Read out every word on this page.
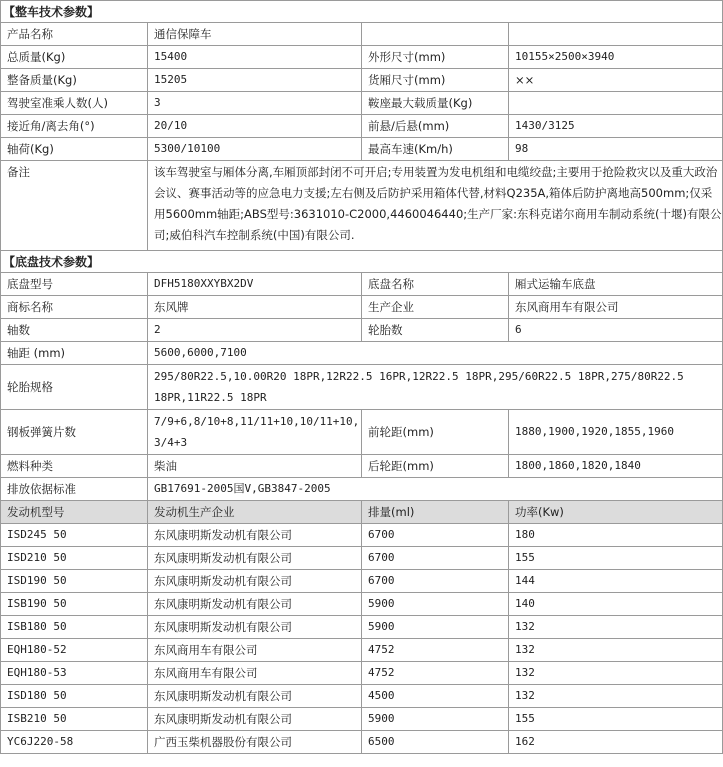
【整车技术参数】			
产品名称	通信保障车		
总质量(Kg)	15400	外形尺寸(mm)	10155×2500×3940
整备质量(Kg)	15205	货厢尺寸(mm)	××
驾驶室准乘人数(人)	3	鞍座最大载质量(Kg)	
接近角/离去角(°)	20/10	前悬/后悬(mm)	1430/3125
轴荷(Kg)	5300/10100	最高车速(Km/h)	98
备注	该车驾驶室与厢体分离,车厢顶部封闭不可开启;专用装置为发电机组和电缆绞盘;主要用于抢险救灾以及重大政治会议、赛事活动等的应急电力支援;左右侧及后防护采用箱体代替,材料Q235A,箱体后防护离地高500mm;仅采用5600mm轴距;ABS型号:3631010-C2000,4460046440;生产厂家:东科克诺尔商用车制动系统(十堰)有限公司;威伯科汽车控制系统(中国)有限公司.		
【底盘技术参数】			
底盘型号	DFH5180XXYBX2DV	底盘名称	厢式运输车底盘
商标名称	东风牌	生产企业	东风商用车有限公司
轴数	2	轮胎数	6
轴距 (mm)	5600,6000,7100		
轮胎规格	295/80R22.5,10.00R20 18PR,12R22.5 16PR,12R22.5 18PR,295/60R22.5 18PR,275/80R22.5 18PR,11R22.5 18PR		
钢板弹簧片数	7/9+6,8/10+8,11/11+10,10/11+10,3/4+3	前轮距(mm)	1880,1900,1920,1855,1960
燃料种类	柴油	后轮距(mm)	1800,1860,1820,1840
排放依据标准	GB17691-2005国V,GB3847-2005		
发动机型号	发动机生产企业	排量(ml)	功率(Kw)
ISD245 50	东风康明斯发动机有限公司	6700	180
ISD210 50	东风康明斯发动机有限公司	6700	155
ISD190 50	东风康明斯发动机有限公司	6700	144
ISB190 50	东风康明斯发动机有限公司	5900	140
ISB180 50	东风康明斯发动机有限公司	5900	132
EQH180-52	东风商用车有限公司	4752	132
EQH180-53	东风商用车有限公司	4752	132
ISD180 50	东风康明斯发动机有限公司	4500	132
ISB210 50	东风康明斯发动机有限公司	5900	155
YC6J220-58	广西玉柴机器股份有限公司	6500	162
